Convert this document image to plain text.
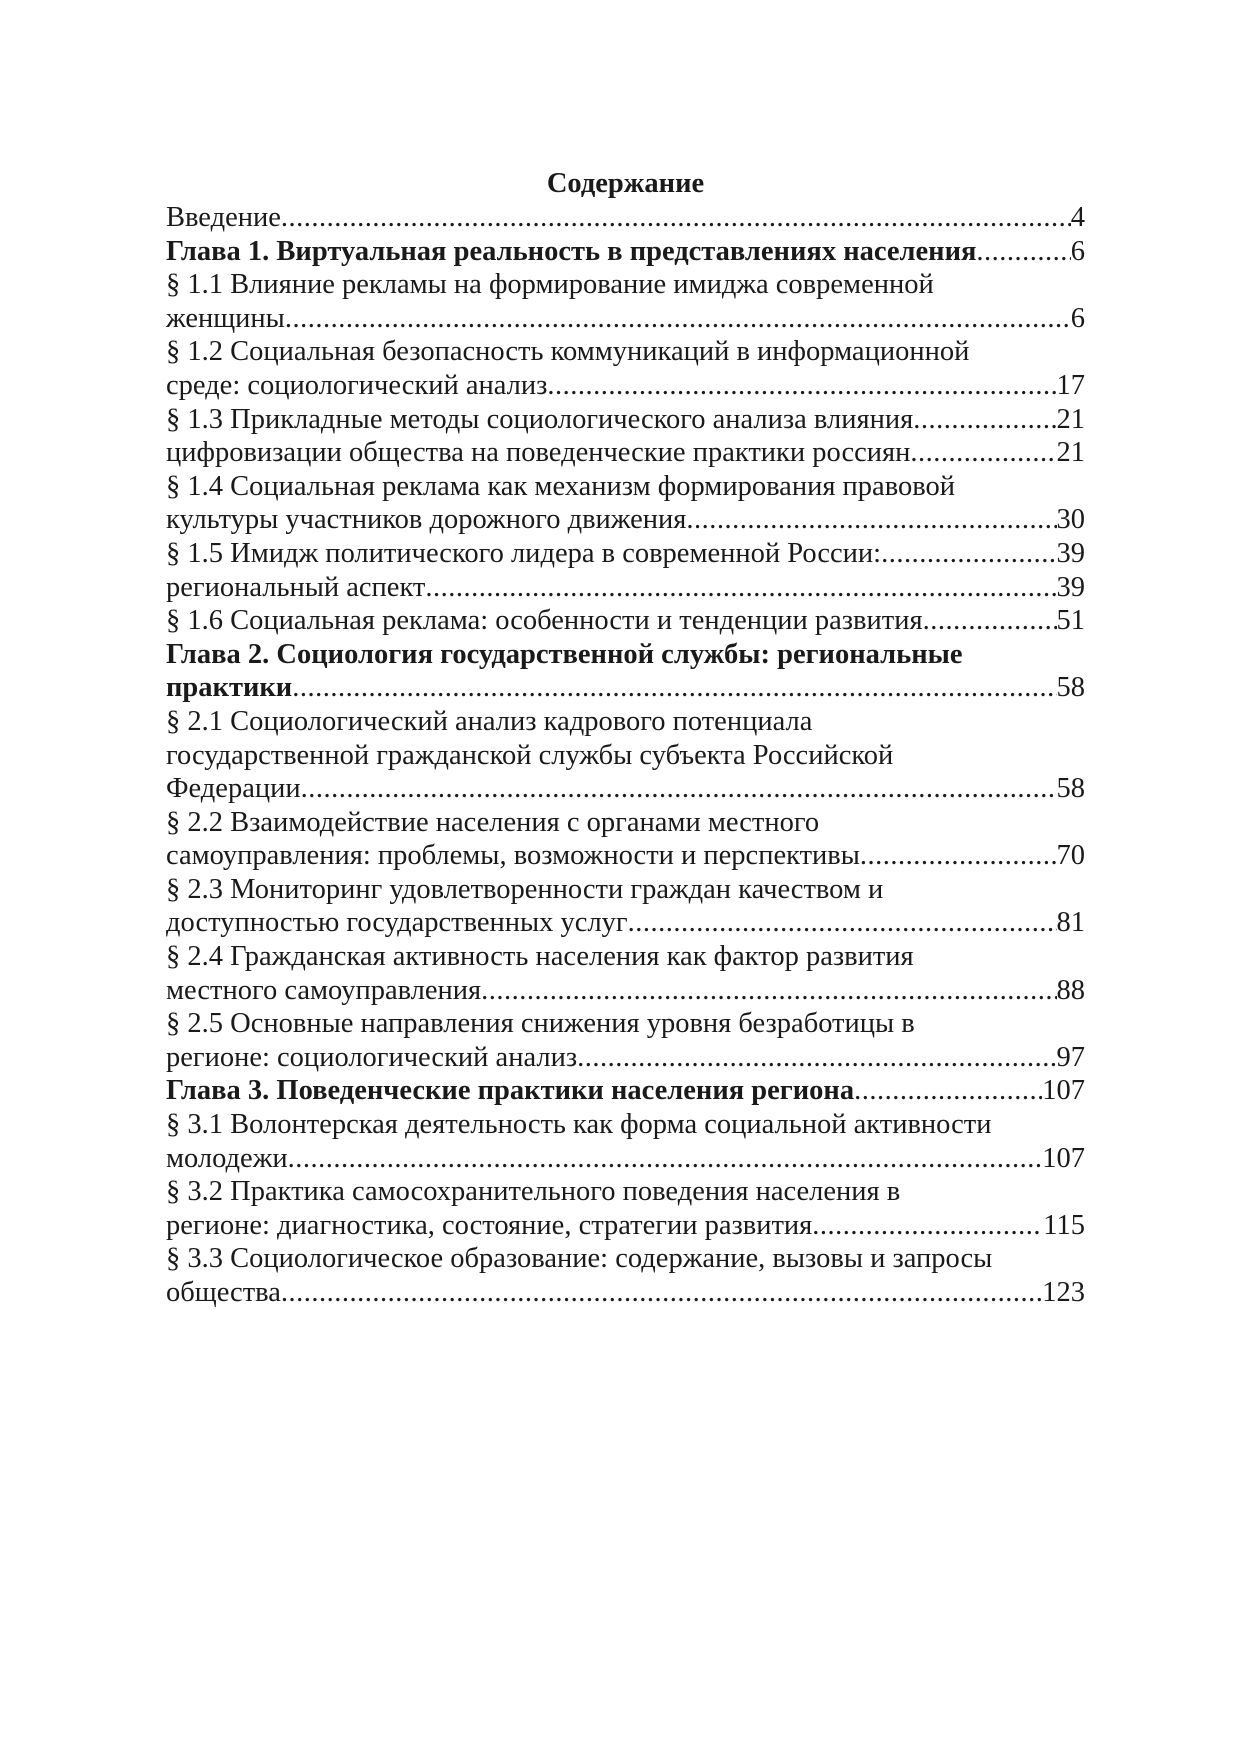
Содержание
Введение .....	4
Глава 1. Виртуальная реальность в представлениях населения .....	6
§ 1.1 Влияние рекламы на формирование имиджа современной
женщины .....	6
§ 1.2 Социальная безопасность коммуникаций в информационной
среде: социологический анализ .....	17
§ 1.3 Прикладные методы социологического анализа влияния .....	21
цифровизации общества на поведенческие практики россиян .....	21
§ 1.4 Социальная реклама как механизм формирования правовой
культуры участников дорожного движения .....	30
§ 1.5 Имидж политического лидера в современной России: .....	39
региональный аспект .....	39
§ 1.6 Социальная реклама: особенности и тенденции развития .....	51
Глава 2. Социология государственной службы: региональные
практики .....	58
§ 2.1 Социологический анализ кадрового потенциала
государственной гражданской службы субъекта Российской
Федерации .....	58
§ 2.2 Взаимодействие населения с органами местного
самоуправления: проблемы, возможности и перспективы .....	70
§ 2.3 Мониторинг удовлетворенности граждан качеством и
доступностью государственных услуг .....	81
§ 2.4 Гражданская активность населения как фактор развития
местного самоуправления .....	88
§ 2.5 Основные направления снижения уровня безработицы в
регионе: социологический анализ .....	97
Глава 3. Поведенческие практики населения региона .....	107
§ 3.1 Волонтерская деятельность как форма социальной активности
молодежи .....	107
§ 3.2 Практика самосохранительного поведения населения в
регионе: диагностика, состояние, стратегии развития .....	115
§ 3.3 Социологическое образование: содержание, вызовы и запросы
общества .....	123
